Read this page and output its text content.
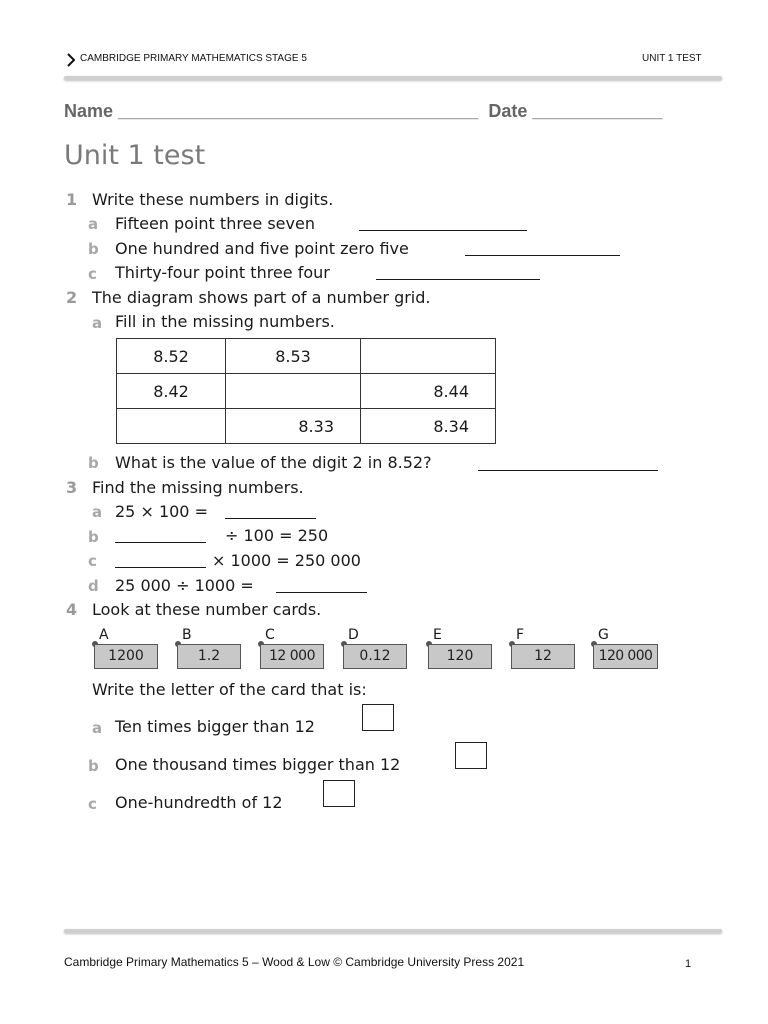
CAMBRIDGE PRIMARY MATHEMATICS STAGE 5	UNIT 1 TEST
Name ____________________________________  Date _____________
Unit 1 test
1 Write these numbers in digits.
a Fifteen point three seven
b One hundred and five point zero five
c Thirty-four point three four
2 The diagram shows part of a number grid.
a Fill in the missing numbers.
8.52	8.53	
8.42		8.44
	8.33	8.34
b What is the value of the digit 2 in 8.52?
3 Find the missing numbers.
a 25 × 100 =
b	÷ 100 = 250
c	× 1000 = 250 000
d 25 000 ÷ 1000 =
4 Look at these number cards.
A
1200
B
1.2
C
12 000
D
0.12
E
120
F
12
G
120 000
Write the letter of the card that is:
a Ten times bigger than 12
b One thousand times bigger than 12
c One-hundredth of 12
Cambridge Primary Mathematics 5 – Wood & Low © Cambridge University Press 2021	1
